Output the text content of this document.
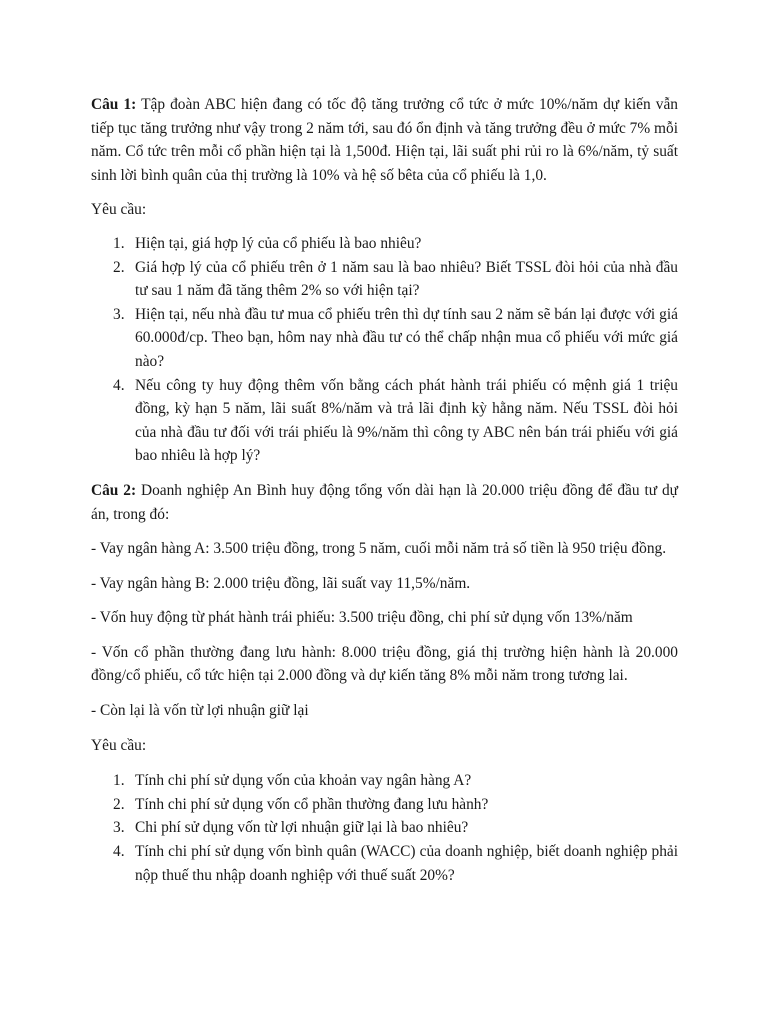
Câu 1: Tập đoàn ABC hiện đang có tốc độ tăng trưởng cổ tức ở mức 10%/năm dự kiến vẫn tiếp tục tăng trưởng như vậy trong 2 năm tới, sau đó ổn định và tăng trưởng đều ở mức 7% mỗi năm. Cổ tức trên mỗi cổ phần hiện tại là 1,500đ. Hiện tại, lãi suất phi rủi ro là 6%/năm, tỷ suất sinh lời bình quân của thị trường là 10% và hệ số bêta của cổ phiếu là 1,0.

Yêu cầu:

1. Hiện tại, giá hợp lý của cổ phiếu là bao nhiêu?
2. Giá hợp lý của cổ phiếu trên ở 1 năm sau là bao nhiêu? Biết TSSL đòi hỏi của nhà đầu tư sau 1 năm đã tăng thêm 2% so với hiện tại?
3. Hiện tại, nếu nhà đầu tư mua cổ phiếu trên thì dự tính sau 2 năm sẽ bán lại được với giá 60.000đ/cp. Theo bạn, hôm nay nhà đầu tư có thể chấp nhận mua cổ phiếu với mức giá nào?
4. Nếu công ty huy động thêm vốn bằng cách phát hành trái phiếu có mệnh giá 1 triệu đồng, kỳ hạn 5 năm, lãi suất 8%/năm và trả lãi định kỳ hằng năm. Nếu TSSL đòi hỏi của nhà đầu tư đối với trái phiếu là 9%/năm thì công ty ABC nên bán trái phiếu với giá bao nhiêu là hợp lý?

Câu 2: Doanh nghiệp An Bình huy động tổng vốn dài hạn là 20.000 triệu đồng để đầu tư dự án, trong đó:

- Vay ngân hàng A: 3.500 triệu đồng, trong 5 năm, cuối mỗi năm trả số tiền là 950 triệu đồng.

- Vay ngân hàng B: 2.000 triệu đồng, lãi suất vay 11,5%/năm.

- Vốn huy động từ phát hành trái phiếu: 3.500 triệu đồng, chi phí sử dụng vốn 13%/năm

- Vốn cổ phần thường đang lưu hành: 8.000 triệu đồng, giá thị trường hiện hành là 20.000 đồng/cổ phiếu, cổ tức hiện tại 2.000 đồng và dự kiến tăng 8% mỗi năm trong tương lai.

- Còn lại là vốn từ lợi nhuận giữ lại

Yêu cầu:

1. Tính chi phí sử dụng vốn của khoản vay ngân hàng A?
2. Tính chi phí sử dụng vốn cổ phần thường đang lưu hành?
3. Chi phí sử dụng vốn từ lợi nhuận giữ lại là bao nhiêu?
4. Tính chi phí sử dụng vốn bình quân (WACC) của doanh nghiệp, biết doanh nghiệp phải nộp thuế thu nhập doanh nghiệp với thuế suất 20%?
